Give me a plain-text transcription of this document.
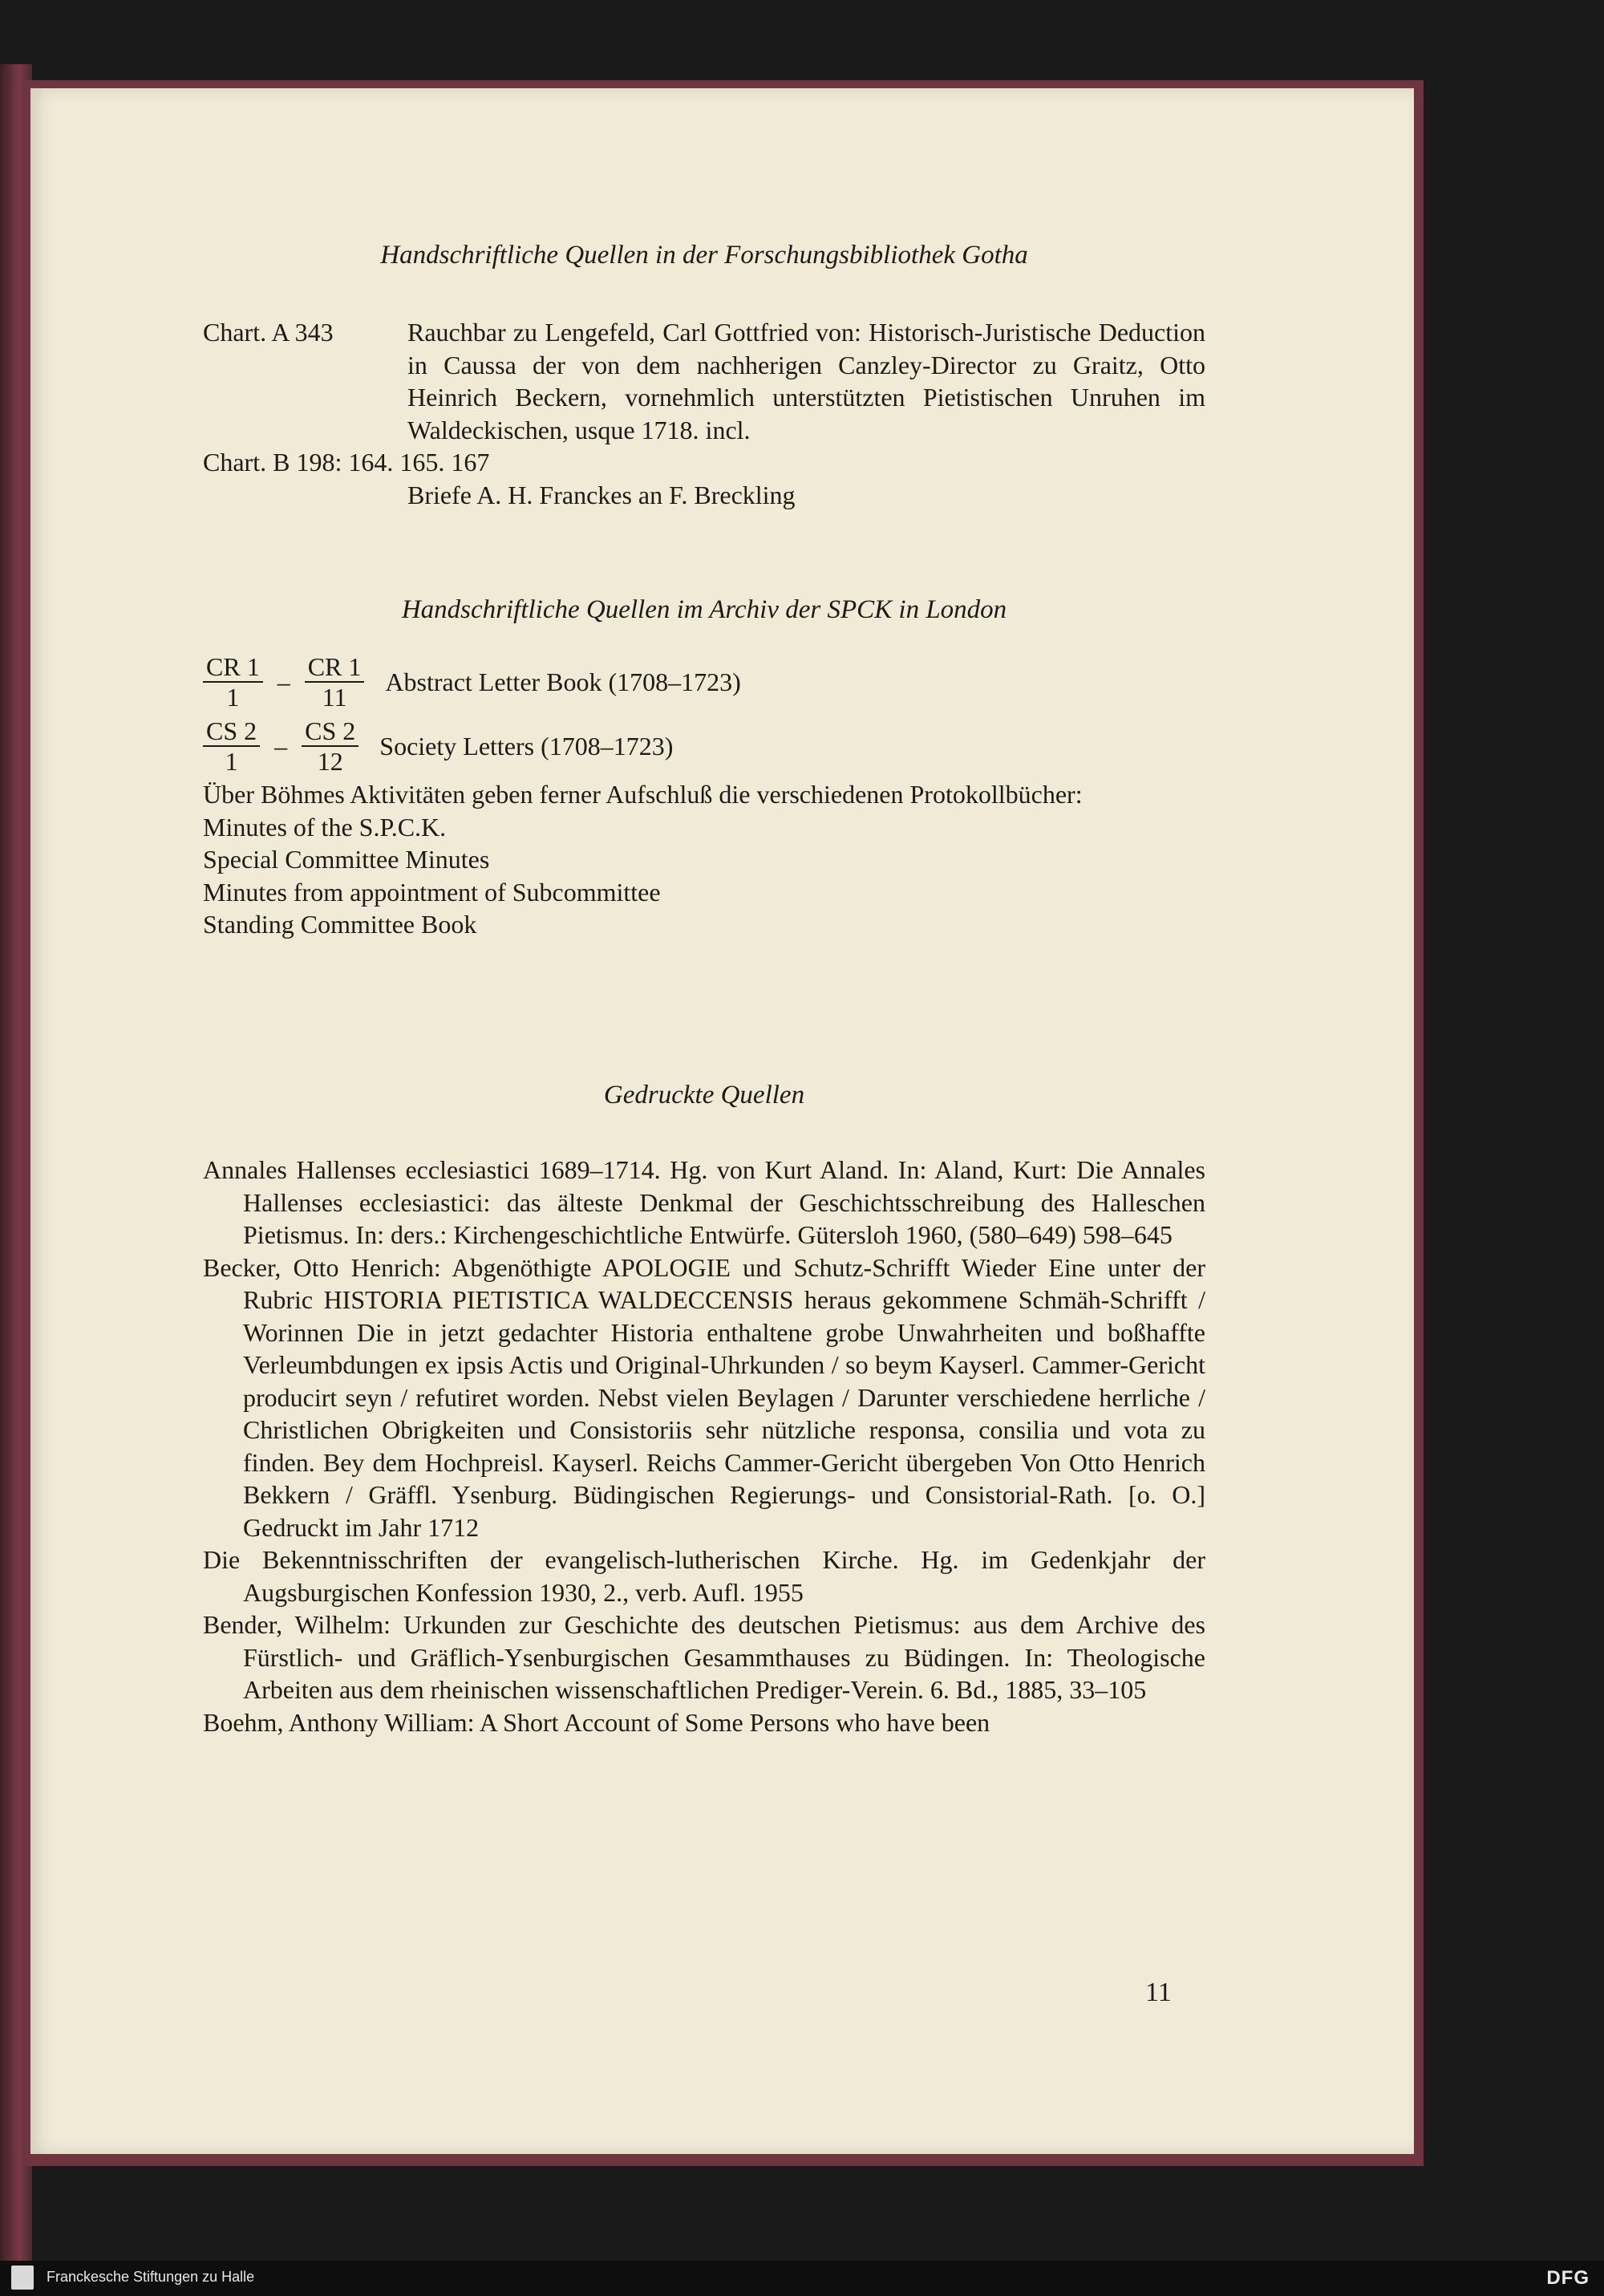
Handschriftliche Quellen in der Forschungsbibliothek Gotha
Chart. A 343	Rauchbar zu Lengefeld, Carl Gottfried von: Historisch-Juristische Deduction in Caussa der von dem nachherigen Canzley-Director zu Graitz, Otto Heinrich Beckern, vornehmlich unterstützten Pietistischen Unruhen im Waldeckischen, usque 1718. incl.
Chart. B 198: 164. 165. 167
Briefe A. H. Franckes an F. Breckling
Handschriftliche Quellen im Archiv der SPCK in London
$\frac{CR 1}{1} - \frac{CR 1}{11}$ Abstract Letter Book (1708–1723)
$\frac{CS 2}{1} - \frac{CS 2}{12}$ Society Letters (1708–1723)
Über Böhmes Aktivitäten geben ferner Aufschluß die verschiedenen Protokollbücher:
Minutes of the S.P.C.K.
Special Committee Minutes
Minutes from appointment of Subcommittee
Standing Committee Book
Gedruckte Quellen
Annales Hallenses ecclesiastici 1689–1714. Hg. von Kurt Aland. In: Aland, Kurt: Die Annales Hallenses ecclesiastici: das älteste Denkmal der Geschichtsschreibung des Halleschen Pietismus. In: ders.: Kirchengeschichtliche Entwürfe. Gütersloh 1960, (580–649) 598–645
Becker, Otto Henrich: Abgenöthigte APOLOGIE und Schutz-Schrifft Wieder Eine unter der Rubric HISTORIA PIETISTICA WALDECCENSIS heraus gekommene Schmäh-Schrifft / Worinnen Die in jetzt gedachter Historia enthaltene grobe Unwahrheiten und boßhaffte Verleumbdungen ex ipsis Actis und Original-Uhrkunden / so beym Kayserl. Cammer-Gericht producirt seyn / refutiret worden. Nebst vielen Beylagen / Darunter verschiedene herrliche / Christlichen Obrigkeiten und Consistoriis sehr nützliche responsa, consilia und vota zu finden. Bey dem Hochpreisl. Kayserl. Reichs Cammer-Gericht übergeben Von Otto Henrich Bekkern / Gräffl. Ysenburg. Büdingischen Regierungs- und Consistorial-Rath. [o. O.] Gedruckt im Jahr 1712
Die Bekenntnisschriften der evangelisch-lutherischen Kirche. Hg. im Gedenkjahr der Augsburgischen Konfession 1930, 2., verb. Aufl. 1955
Bender, Wilhelm: Urkunden zur Geschichte des deutschen Pietismus: aus dem Archive des Fürstlich- und Gräflich-Ysenburgischen Gesammthauses zu Büdingen. In: Theologische Arbeiten aus dem rheinischen wissenschaftlichen Prediger-Verein. 6. Bd., 1885, 33–105
Boehm, Anthony William: A Short Account of Some Persons who have been
11
Franckesche Stiftungen zu Halle	DFG
